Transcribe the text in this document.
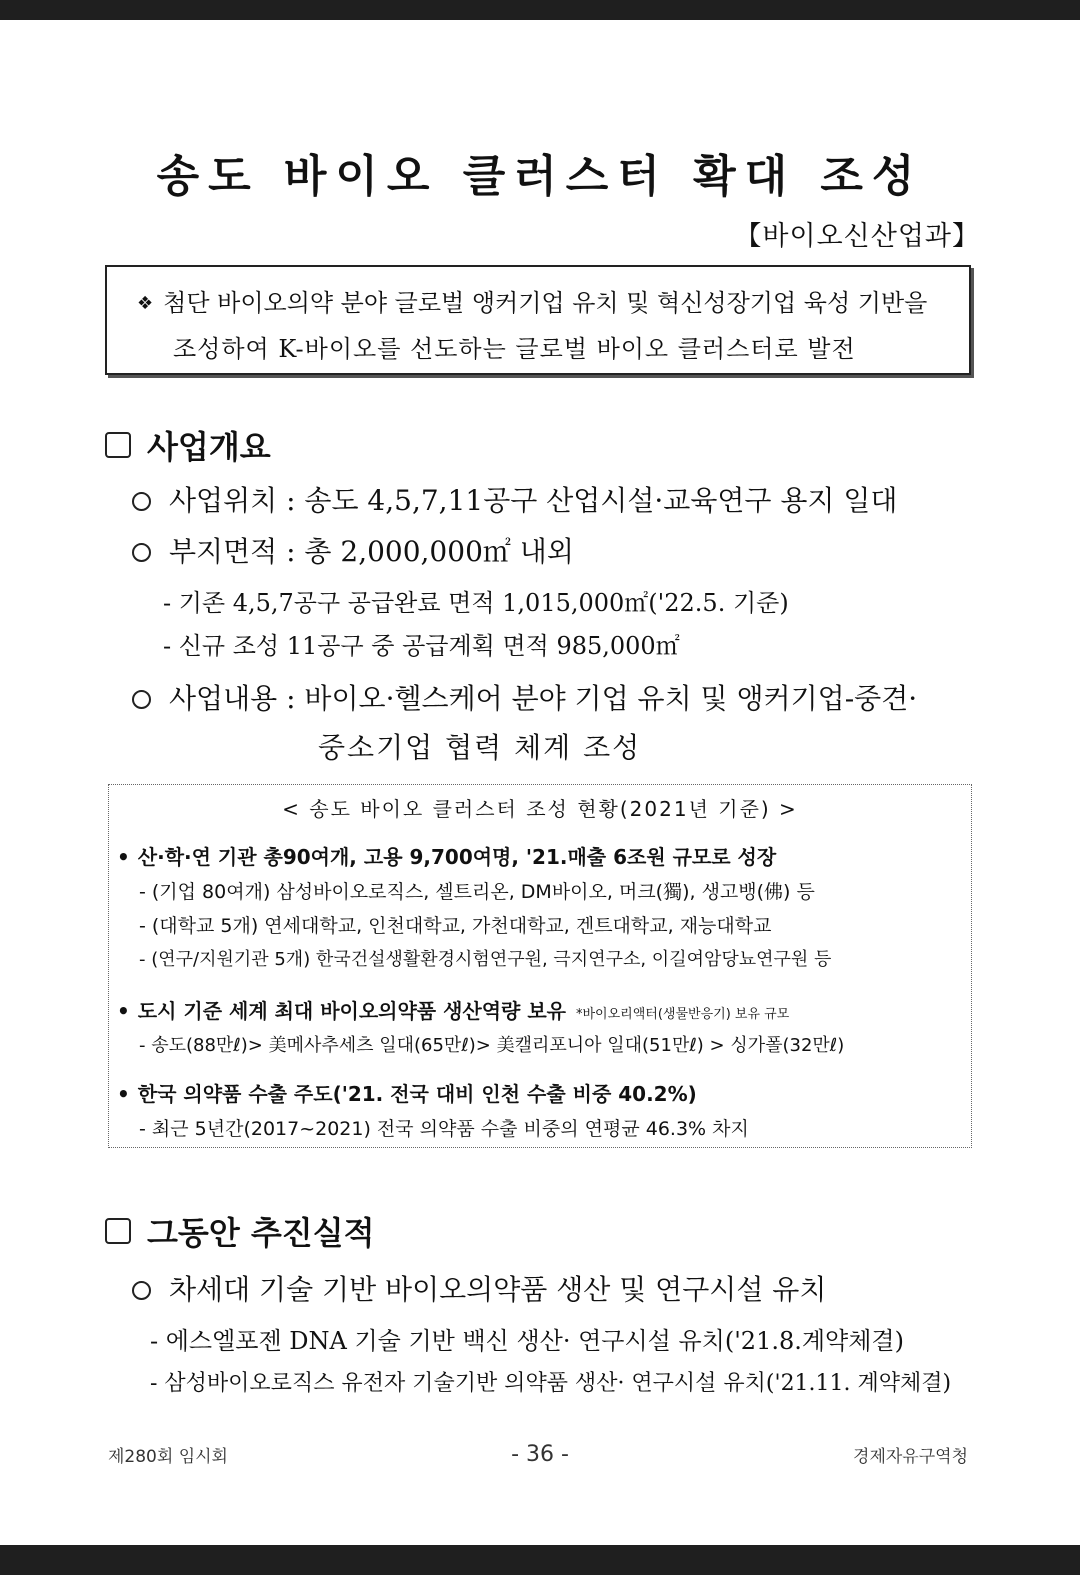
송도 바이오 클러스터 확대 조성
【바이오신산업과】
❖ 첨단 바이오의약 분야 글로벌 앵커기업 유치 및 혁신성장기업 육성 기반을
조성하여 K-바이오를 선도하는 글로벌 바이오 클러스터로 발전
사업개요
사업위치 : 송도 4,5,7,11공구 산업시설·교육연구 용지 일대
부지면적 : 총 2,000,000㎡ 내외
- 기존 4,5,7공구 공급완료 면적 1,015,000㎡('22.5. 기준)
- 신규 조성 11공구 중 공급계획 면적 985,000㎡
사업내용 : 바이오·헬스케어 분야 기업 유치 및 앵커기업-중견·
중소기업 협력 체계 조성
< 송도 바이오 클러스터 조성 현황(2021년 기준) >
• 산·학·연 기관 총90여개, 고용 9,700여명, '21.매출 6조원 규모로 성장
- (기업 80여개) 삼성바이오로직스, 셀트리온, DM바이오, 머크(獨), 생고뱅(佛) 등
- (대학교 5개) 연세대학교, 인천대학교, 가천대학교, 겐트대학교, 재능대학교
- (연구/지원기관 5개) 한국건설생활환경시험연구원, 극지연구소, 이길여암당뇨연구원 등
• 도시 기준 세계 최대 바이오의약품 생산역량 보유 *바이오리액터(생물반응기) 보유 규모
- 송도(88만ℓ)> 美메사추세츠 일대(65만ℓ)> 美캘리포니아 일대(51만ℓ) > 싱가폴(32만ℓ)
• 한국 의약품 수출 주도('21. 전국 대비 인천 수출 비중 40.2%)
- 최근 5년간(2017~2021) 전국 의약품 수출 비중의 연평균 46.3% 차지
그동안 추진실적
차세대 기술 기반 바이오의약품 생산 및 연구시설 유치
- 에스엘포젠 DNA 기술 기반 백신 생산· 연구시설 유치('21.8.계약체결)
- 삼성바이오로직스 유전자 기술기반 의약품 생산· 연구시설 유치('21.11. 계약체결)
제280회 임시회	- 36 -	경제자유구역청
